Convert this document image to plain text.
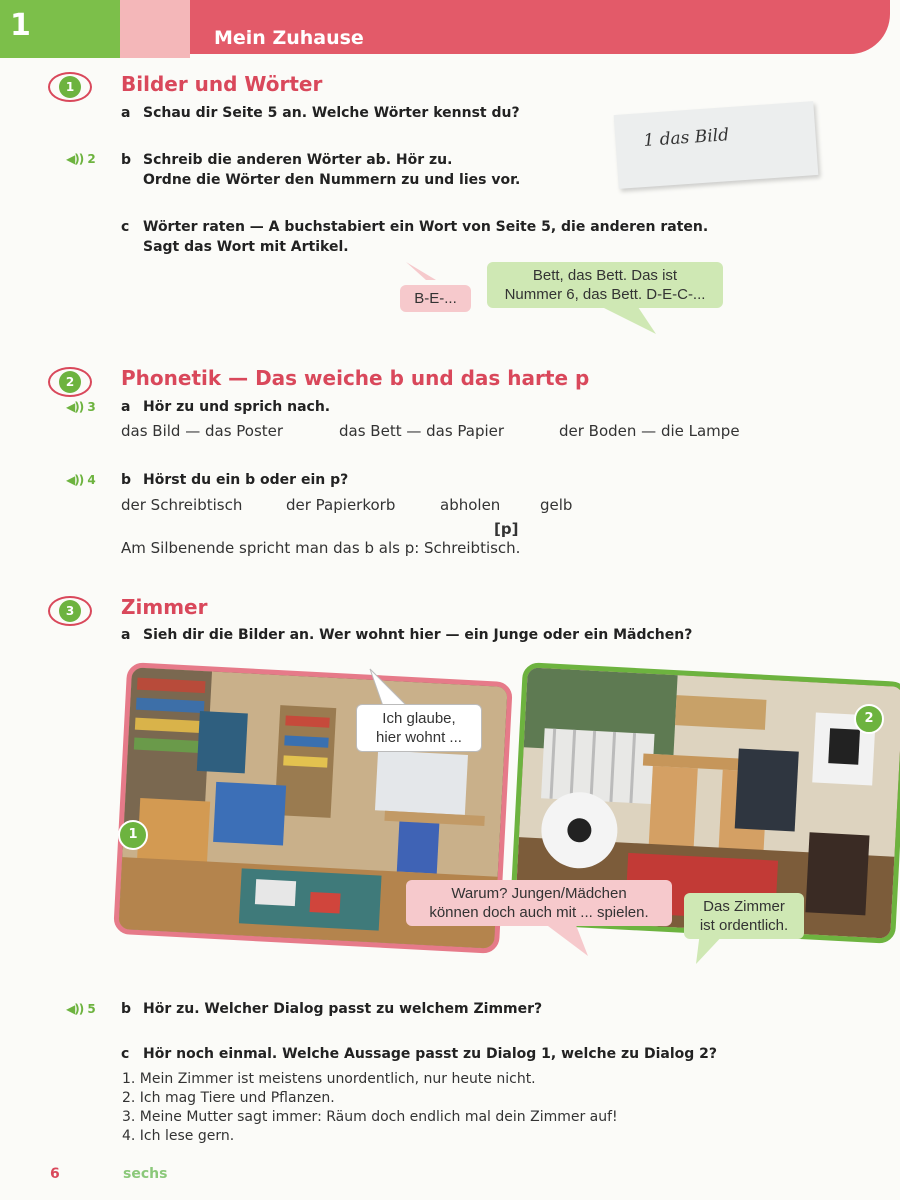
1	Mein Zuhause
1	Bilder und Wörter
a Schau dir Seite 5 an. Welche Wörter kennst du?
◀)) 2 b Schreib die anderen Wörter ab. Hör zu.
Ordne die Wörter den Nummern zu und lies vor.
1 das Bild
c Wörter raten — A buchstabiert ein Wort von Seite 5, die anderen raten.
Sagt das Wort mit Artikel.
B-E-...
Bett, das Bett. Das ist
Nummer 6, das Bett. D-E-C-...
2	Phonetik — Das weiche b und das harte p
◀)) 3 a Hör zu und sprich nach.
das Bild — das Poster	das Bett — das Papier	der Boden — die Lampe
◀)) 4 b Hörst du ein b oder ein p?
der Schreibtisch	der Papierkorb	abholen	gelb
[p]
Am Silbenende spricht man das b als p: Schreibtisch.
3	Zimmer
a Sieh dir die Bilder an. Wer wohnt hier — ein Junge oder ein Mädchen?
1
2
Ich glaube,
hier wohnt ...
Warum? Jungen/Mädchen
können doch auch mit ... spielen.	Das Zimmer
ist ordentlich.
◀)) 5 b Hör zu. Welcher Dialog passt zu welchem Zimmer?
c Hör noch einmal. Welche Aussage passt zu Dialog 1, welche zu Dialog 2?
1. Mein Zimmer ist meistens unordentlich, nur heute nicht.
2. Ich mag Tiere und Pflanzen.
3. Meine Mutter sagt immer: Räum doch endlich mal dein Zimmer auf!
4. Ich lese gern.
6	sechs
